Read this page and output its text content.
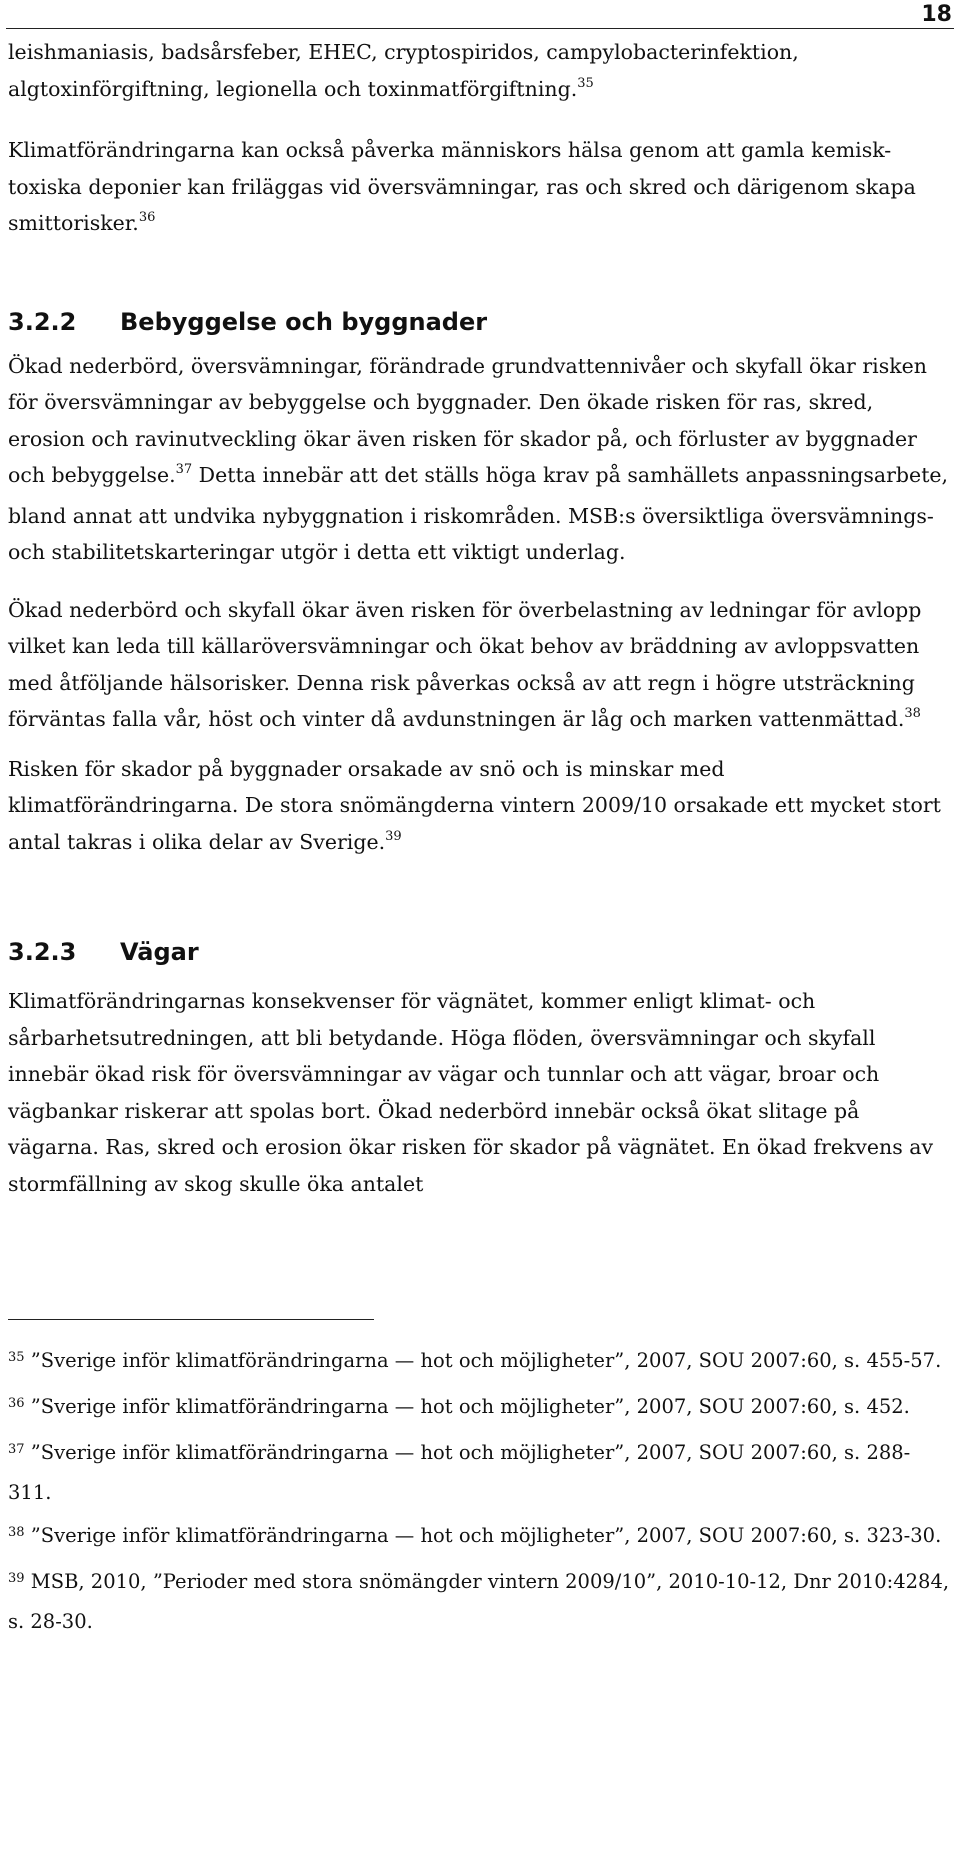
18

leishmaniasis, badsårsfeber, EHEC, cryptospiridos, campylobacterinfektion, algtoxinförgiftning, legionella och toxinmatförgiftning.$^{35}$

Klimatförändringarna kan också påverka människors hälsa genom att gamla kemisk-toxiska deponier kan friläggas vid översvämningar, ras och skred och därigenom skapa smittorisker.$^{36}$

3.2.2 Bebyggelse och byggnader

Ökad nederbörd, översvämningar, förändrade grundvattennivåer och skyfall ökar risken för översvämningar av bebyggelse och byggnader. Den ökade risken för ras, skred, erosion och ravinutveckling ökar även risken för skador på, och förluster av byggnader och bebyggelse.$^{37}$ Detta innebär att det ställs höga krav på samhällets anpassningsarbete, bland annat att undvika nybyggnation i riskområden. MSB:s översiktliga översvämnings- och stabilitetskarteringar utgör i detta ett viktigt underlag.

Ökad nederbörd och skyfall ökar även risken för överbelastning av ledningar för avlopp vilket kan leda till källaröversvämningar och ökat behov av bräddning av avloppsvatten med åtföljande hälsorisker. Denna risk påverkas också av att regn i högre utsträckning förväntas falla vår, höst och vinter då avdunstningen är låg och marken vattenmättad.$^{38}$

Risken för skador på byggnader orsakade av snö och is minskar med klimatförändringarna. De stora snömängderna vintern 2009/10 orsakade ett mycket stort antal takras i olika delar av Sverige.$^{39}$

3.2.3 Vägar

Klimatförändringarnas konsekvenser för vägnätet, kommer enligt klimat- och sårbarhetsutredningen, att bli betydande. Höga flöden, översvämningar och skyfall innebär ökad risk för översvämningar av vägar och tunnlar och att vägar, broar och vägbankar riskerar att spolas bort. Ökad nederbörd innebär också ökat slitage på vägarna. Ras, skred och erosion ökar risken för skador på vägnätet. En ökad frekvens av stormfällning av skog skulle öka antalet

$^{35}$ ”Sverige inför klimatförändringarna — hot och möjligheter”, 2007, SOU 2007:60, s. 455-57.

$^{36}$ ”Sverige inför klimatförändringarna — hot och möjligheter”, 2007, SOU 2007:60, s. 452.

$^{37}$ ”Sverige inför klimatförändringarna — hot och möjligheter”, 2007, SOU 2007:60, s. 288-311.

$^{38}$ ”Sverige inför klimatförändringarna — hot och möjligheter”, 2007, SOU 2007:60, s. 323-30.

$^{39}$ MSB, 2010, ”Perioder med stora snömängder vintern 2009/10”, 2010-10-12, Dnr 2010:4284, s. 28-30.
